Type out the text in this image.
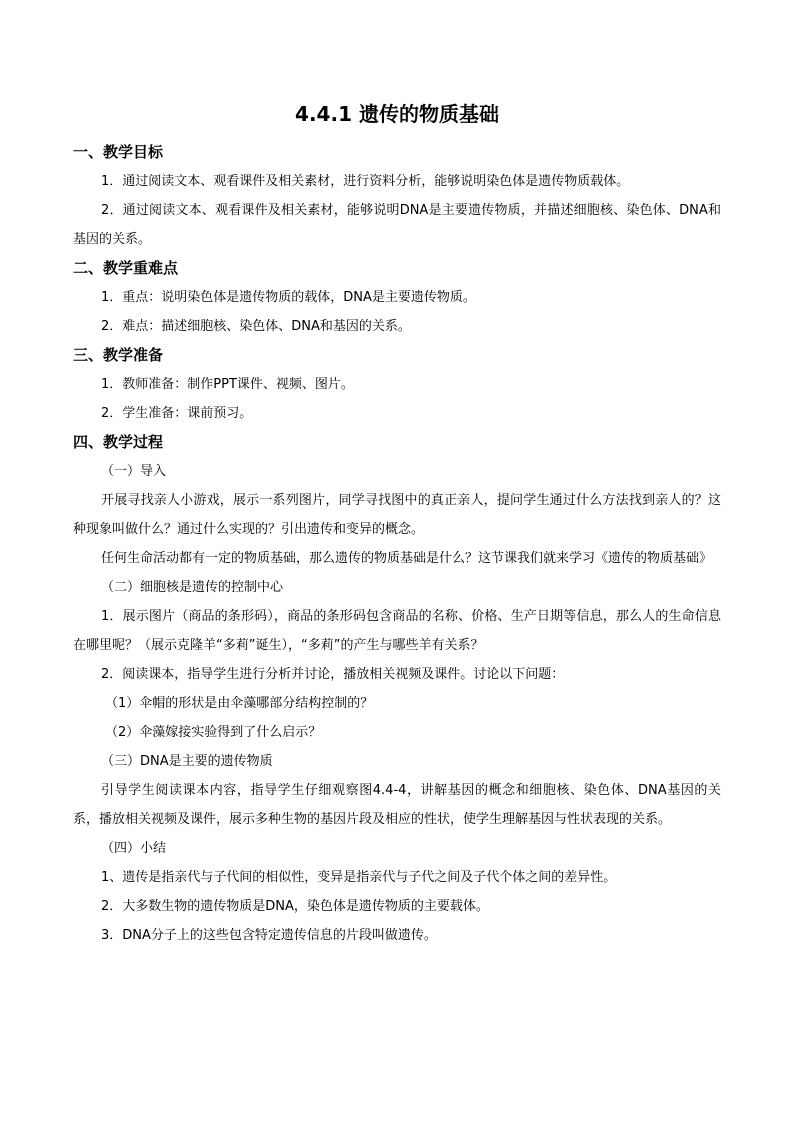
4.4.1 遗传的物质基础
一、教学目标

1．通过阅读文本、观看课件及相关素材，进行资料分析，能够说明染色体是遗传物质载体。

2．通过阅读文本、观看课件及相关素材，能够说明DNA是主要遗传物质，并描述细胞核、染色体、DNA和基因的关系。

二、教学重难点

1．重点：说明染色体是遗传物质的载体，DNA是主要遗传物质。

2．难点：描述细胞核、染色体、DNA和基因的关系。

三、教学准备

1．教师准备：制作PPT课件、视频、图片。

2．学生准备：课前预习。

四、教学过程

（一）导入

开展寻找亲人小游戏，展示一系列图片，同学寻找图中的真正亲人，提问学生通过什么方法找到亲人的？这种现象叫做什么？通过什么实现的？引出遗传和变异的概念。

任何生命活动都有一定的物质基础，那么遗传的物质基础是什么？这节课我们就来学习《遗传的物质基础》

（二）细胞核是遗传的控制中心

1．展示图片（商品的条形码），商品的条形码包含商品的名称、价格、生产日期等信息，那么人的生命信息在哪里呢？（展示克隆羊“多莉”诞生），“多莉”的产生与哪些羊有关系？

2．阅读课本，指导学生进行分析并讨论，播放相关视频及课件。讨论以下问题：

（1）伞帽的形状是由伞藻哪部分结构控制的？

（2）伞藻嫁接实验得到了什么启示？

（三）DNA是主要的遗传物质

引导学生阅读课本内容，指导学生仔细观察图4.4-4，讲解基因的概念和细胞核、染色体、DNA基因的关系，播放相关视频及课件，展示多种生物的基因片段及相应的性状，使学生理解基因与性状表现的关系。

（四）小结

1、遗传是指亲代与子代间的相似性，变异是指亲代与子代之间及子代个体之间的差异性。

2．大多数生物的遗传物质是DNA，染色体是遗传物质的主要载体。

3．DNA分子上的这些包含特定遗传信息的片段叫做遗传。
